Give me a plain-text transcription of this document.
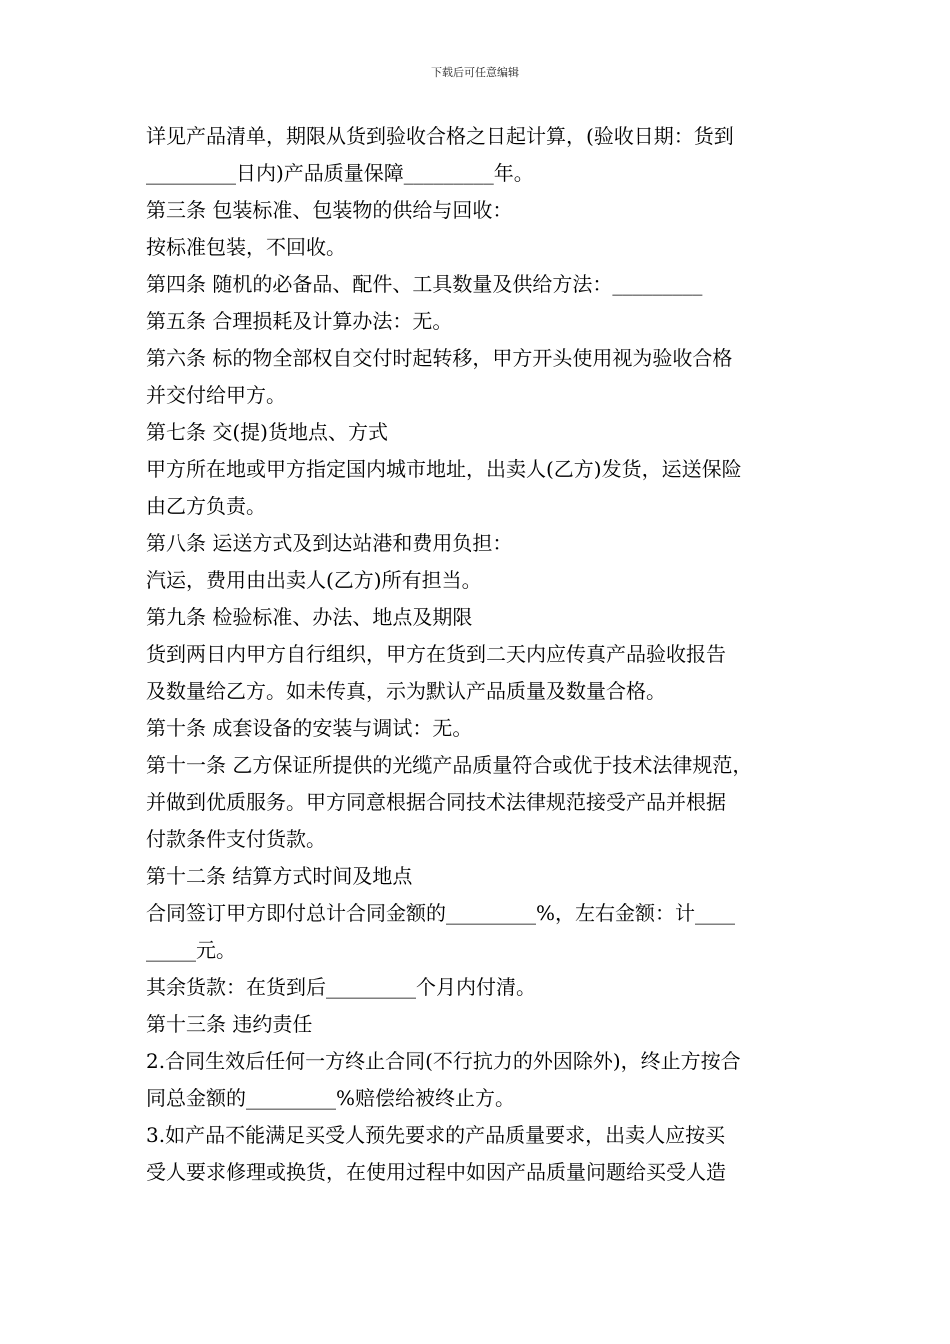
下载后可任意编辑
详见产品清单，期限从货到验收合格之日起计算，(验收日期：货到
_________日内)产品质量保障_________年。
第三条 包装标准、包装物的供给与回收：
按标准包装，不回收。
第四条 随机的必备品、配件、工具数量及供给方法：_________
第五条 合理损耗及计算办法：无。
第六条 标的物全部权自交付时起转移，甲方开头使用视为验收合格
并交付给甲方。
第七条 交(提)货地点、方式
甲方所在地或甲方指定国内城市地址，出卖人(乙方)发货，运送保险
由乙方负责。
第八条 运送方式及到达站港和费用负担：
汽运，费用由出卖人(乙方)所有担当。
第九条 检验标准、办法、地点及期限
货到两日内甲方自行组织，甲方在货到二天内应传真产品验收报告
及数量给乙方。如未传真，示为默认产品质量及数量合格。
第十条 成套设备的安装与调试：无。
第十一条 乙方保证所提供的光缆产品质量符合或优于技术法律规范，
并做到优质服务。甲方同意根据合同技术法律规范接受产品并根据
付款条件支付货款。
第十二条 结算方式时间及地点
合同签订甲方即付总计合同金额的_________%，左右金额：计____
_____元。
其余货款：在货到后_________个月内付清。
第十三条 违约责任
2.合同生效后任何一方终止合同(不行抗力的外因除外)，终止方按合
同总金额的_________%赔偿给被终止方。
3.如产品不能满足买受人预先要求的产品质量要求，出卖人应按买
受人要求修理或换货，在使用过程中如因产品质量问题给买受人造
